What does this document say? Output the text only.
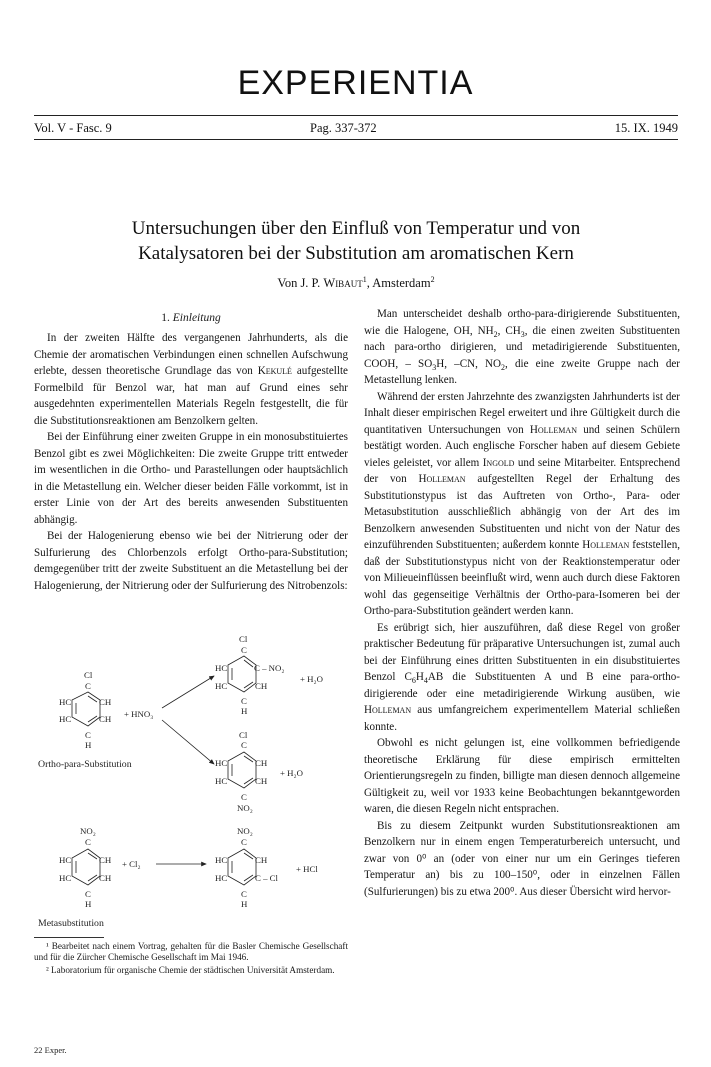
EXPERIENTIA
Vol. V - Fasc. 9	Pag. 337-372	15. IX. 1949
Untersuchungen über den Einfluß von Temperatur und von
Katalysatoren bei der Substitution am aromatischen Kern
Von J. P. Wibaut$^1$, Amsterdam$^2$
1. Einleitung

In der zweiten Hälfte des vergangenen Jahrhunderts, als die Chemie der aromatischen Verbindungen einen schnellen Aufschwung erlebte, dessen theoretische Grundlage das von Kekulé aufgestellte Formelbild für Benzol war, hat man auf Grund eines sehr ausgedehnten experimentellen Materials Regeln festgestellt, die für die Substitutionsreaktionen am Benzolkern gelten.

Bei der Einführung einer zweiten Gruppe in ein monosubstituiertes Benzol gibt es zwei Möglichkeiten: Die zweite Gruppe tritt entweder im wesentlichen in die Ortho- und Parastellungen oder hauptsächlich in die Metastellung ein. Welcher dieser beiden Fälle vorkommt, ist in erster Linie von der Art des bereits anwesenden Substituenten abhängig.

Bei der Halogenierung ebenso wie bei der Nitrierung oder der Sulfurierung des Chlorbenzols erfolgt Ortho-para-Substitution; demgegenüber tritt der zweite Substituent an die Metastellung bei der Halogenierung, der Nitrierung oder der Sulfurierung des Nitrobenzols:

Cl
C
HC	CH
HC	CH
C
H
+ HNO₃
Ortho-para-Substitution
Cl
C
HC	C – NO₂
HC	CH
C
H
+ H₂O
Cl
C
HC	CH
HC	CH
C
NO₂
+ H₂O
NO₂
C
HC	CH
HC	CH
C
H
+ Cl₂
NO₂
C
HC	CH
HC	C – Cl
C
H
+ HCl
Metasubstitution

¹ Bearbeitet nach einem Vortrag, gehalten für die Basler Chemische Gesellschaft und für die Zürcher Chemische Gesellschaft im Mai 1946.

² Laboratorium für organische Chemie der städtischen Universität Amsterdam.

22 Exper.

Man unterscheidet deshalb ortho-para-dirigierende Substituenten, wie die Halogene, OH, $NH_2$, $CH_3$, die einen zweiten Substituenten nach para-ortho dirigieren, und metadirigierende Substituenten, COOH, – $SO_3H$, –CN, $NO_2$, die eine zweite Gruppe nach der Metastellung lenken.

Während der ersten Jahrzehnte des zwanzigsten Jahrhunderts ist der Inhalt dieser empirischen Regel erweitert und ihre Gültigkeit durch die quantitativen Untersuchungen von Holleman und seinen Schülern bestätigt worden. Auch englische Forscher haben auf diesem Gebiete vieles geleistet, vor allem Ingold und seine Mitarbeiter. Entsprechend der von Holleman aufgestellten Regel der Erhaltung des Substitutionstypus ist das Auftreten von Ortho-, Para- oder Metasubstitution ausschließlich abhängig von der Art des im Benzolkern anwesenden Substituenten und nicht von der Natur des einzuführenden Substituenten; außerdem konnte Holleman feststellen, daß der Substitutionstypus nicht von der Reaktionstemperatur oder von Milieueinflüssen beeinflußt wird, wenn auch durch diese Faktoren wohl das gegenseitige Verhältnis der Ortho-para-Isomeren bei der Ortho-para-Substitution geändert werden kann.

Es erübrigt sich, hier auszuführen, daß diese Regel von großer praktischer Bedeutung für präparative Untersuchungen ist, zumal auch bei der Einführung eines dritten Substituenten in ein disubstituiertes Benzol $C_6H_4AB$ die Substituenten A und B eine para-ortho-dirigierende oder eine metadirigierende Wirkung ausüben, wie Holleman aus umfangreichem experimentellem Material schließen konnte.

Obwohl es nicht gelungen ist, eine vollkommen befriedigende theoretische Erklärung für diese empirisch ermittelten Orientierungsregeln zu finden, billigte man diesen dennoch allgemeine Gültigkeit zu, weil vor 1933 keine Beobachtungen bekanntgeworden waren, die diesen Regeln nicht entsprachen.

Bis zu diesem Zeitpunkt wurden Substitutionsreaktionen am Benzolkern nur in einem engen Temperaturbereich untersucht, und zwar von 0⁰ an (oder von einer nur um ein Geringes tieferen Temperatur an) bis zu 100–150⁰, oder in einzelnen Fällen (Sulfurierungen) bis zu etwa 200⁰. Aus dieser Übersicht wird hervor-
